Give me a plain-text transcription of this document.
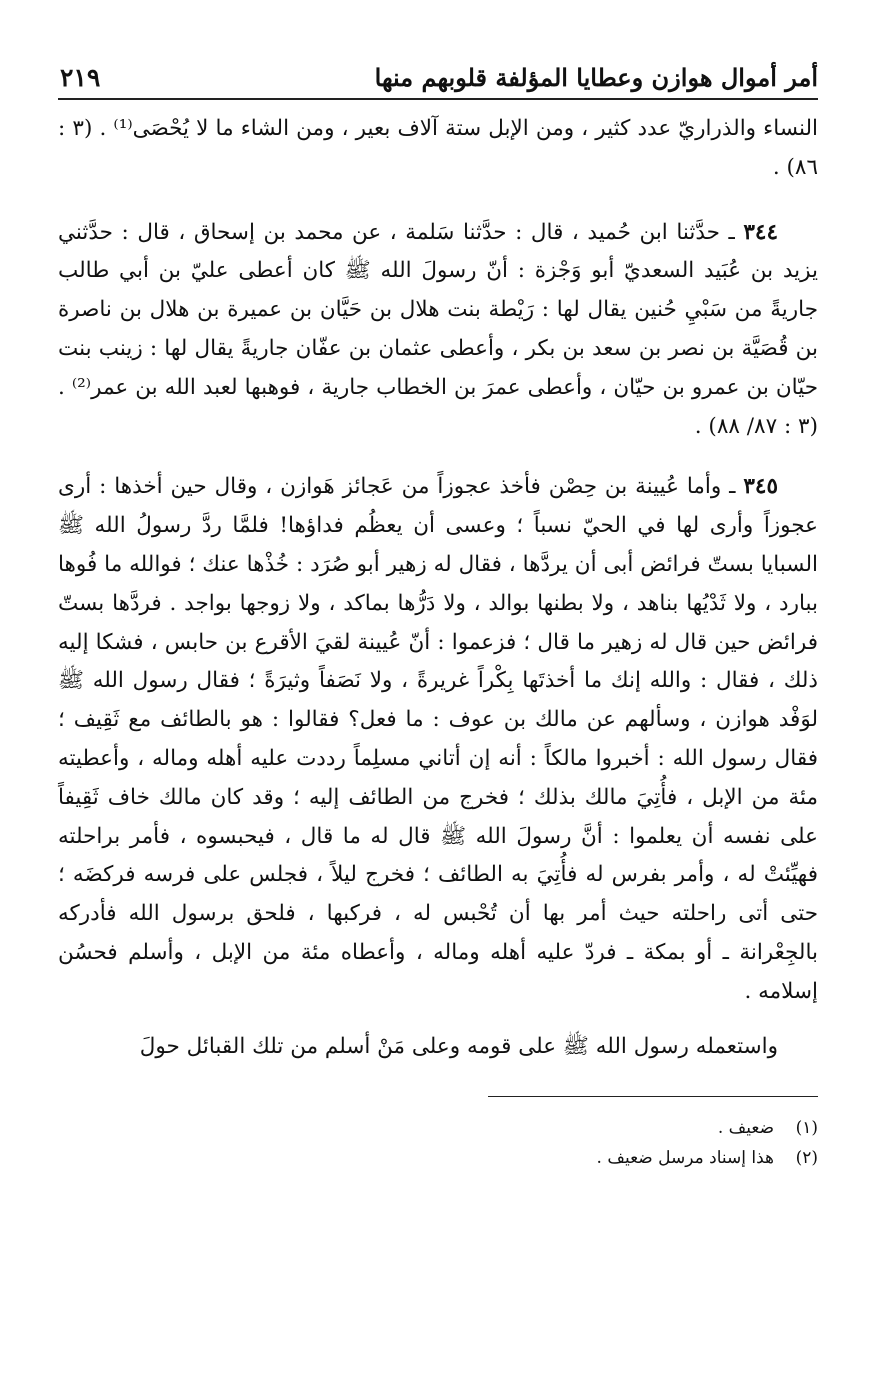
أمر أموال هوازن وعطايا المؤلفة قلوبهم منها
٢١٩

النساء والذراريّ عدد كثير ، ومن الإبل ستة آلاف بعير ، ومن الشاء ما لا يُحْصَى⁽¹⁾ . (٣ : ٨٦) .

٣٤٤ ـ حدَّثنا ابن حُميد ، قال : حدَّثنا سَلمة ، عن محمد بن إسحاق ، قال : حدَّثني يزيد بن عُبَيد السعديّ أبو وَجْزة : أنّ رسولَ الله ﷺ كان أعطى عليّ بن أبي طالب جاريةً من سَبْيِ حُنين يقال لها : رَيْطة بنت هلال بن حَيَّان بن عميرة بن هلال بن ناصرة بن قُصَيَّة بن نصر بن سعد بن بكر ، وأعطى عثمان بن عفّان جاريةً يقال لها : زينب بنت حيّان بن عمرو بن حيّان ، وأعطى عمرَ بن الخطاب جارية ، فوهبها لعبد الله بن عمر⁽²⁾ . (٣ : ٨٧/ ٨٨) .

٣٤٥ ـ وأما عُيينة بن حِصْن فأخذ عجوزاً من عَجائز هَوازن ، وقال حين أخذها : أرى عجوزاً وأرى لها في الحيّ نسباً ؛ وعسى أن يعظُم فداؤها! فلمَّا ردَّ رسولُ الله ﷺ السبايا بستّ فرائض أبى أن يردَّها ، فقال له زهير أبو صُرَد : خُذْها عنك ؛ فوالله ما فُوها ببارد ، ولا ثَدْيُها بناهد ، ولا بطنها بوالد ، ولا دَرُّها بماكد ، ولا زوجها بواجد . فردَّها بستّ فرائض حين قال له زهير ما قال ؛ فزعموا : أنّ عُيينة لقيَ الأقرع بن حابس ، فشكا إليه ذلك ، فقال : والله إنك ما أخذتَها بِكْراً غريرةً ، ولا نَصَفاً وثيرَةً ؛ فقال رسول الله ﷺ لوَفْد هوازن ، وسألهم عن مالك بن عوف : ما فعل؟ فقالوا : هو بالطائف مع ثَقِيف ؛ فقال رسول الله : أخبروا مالكاً : أنه إن أتاني مسلِماً رددت عليه أهله وماله ، وأعطيته مئة من الإبل ، فأُتِيَ مالك بذلك ؛ فخرج من الطائف إليه ؛ وقد كان مالك خاف ثَقِيفاً على نفسه أن يعلموا : أنَّ رسولَ الله ﷺ قال له ما قال ، فيحبسوه ، فأمر براحلته فهيِّئتْ له ، وأمر بفرس له فأُتِيَ به الطائف ؛ فخرج ليلاً ، فجلس على فرسه فركضَه ؛ حتى أتى راحلته حيث أمر بها أن تُحْبس له ، فركبها ، فلحق برسول الله فأدركه بالجِعْرانة ـ أو بمكة ـ فردّ عليه أهله وماله ، وأعطاه مئة من الإبل ، وأسلم فحسُن إسلامه .

واستعمله رسول الله ﷺ على قومه وعلى مَنْ أسلم من تلك القبائل حولَ

(١)
ضعيف .
(٢)
هذا إسناد مرسل ضعيف .
